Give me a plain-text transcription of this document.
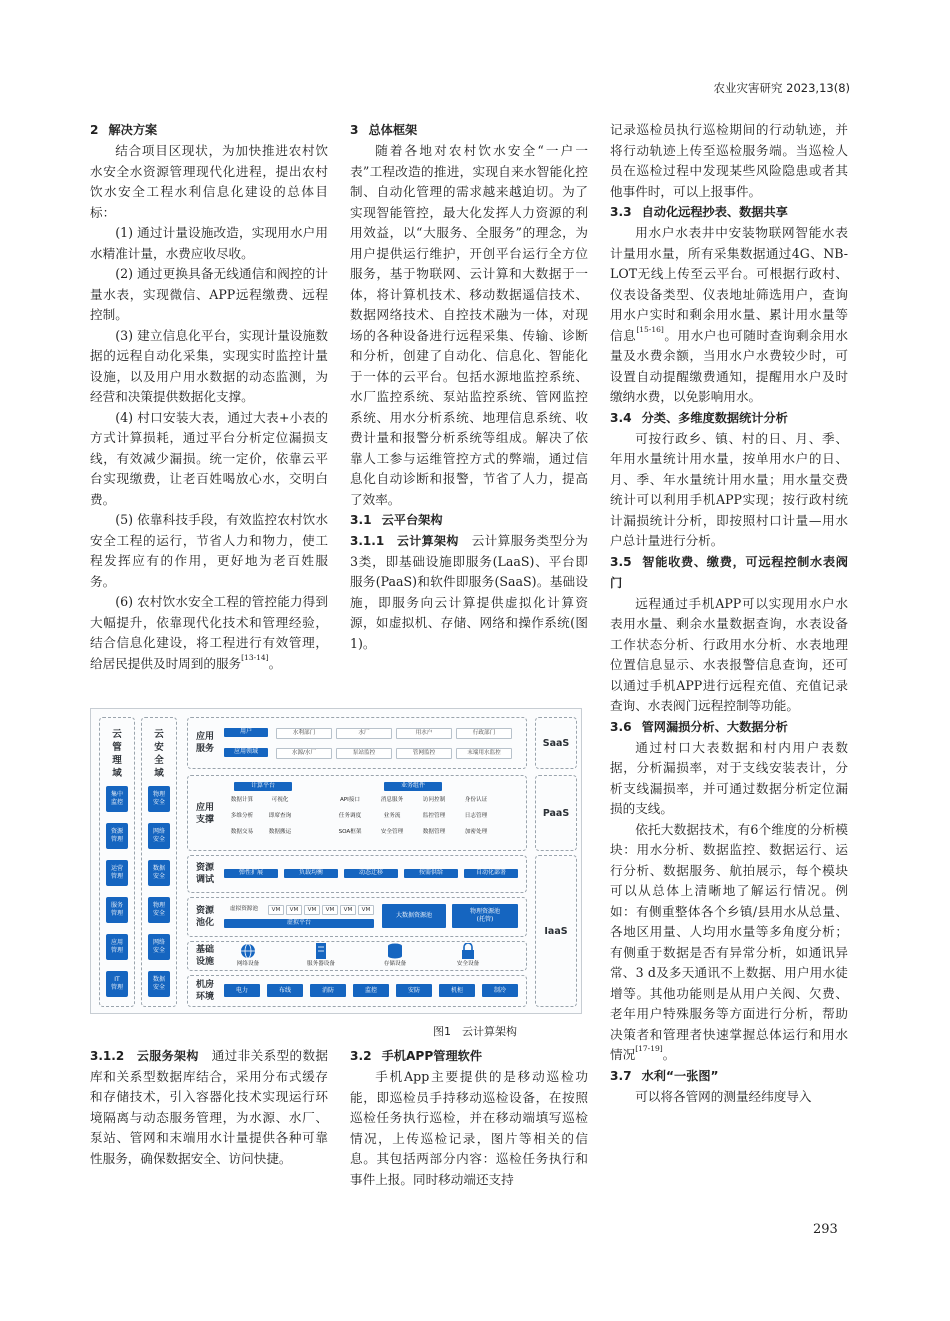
农业灾害研究 2023,13(8)
2 解决方案

结合项目区现状，为加快推进农村饮水安全水资源管理现代化进程，提出农村饮水安全工程水利信息化建设的总体目标：

(1) 通过计量设施改造，实现用水户用水精准计量，水费应收尽收。

(2) 通过更换具备无线通信和阀控的计量水表，实现微信、APP远程缴费、远程控制。

(3) 建立信息化平台，实现计量设施数据的远程自动化采集，实现实时监控计量设施，以及用户用水数据的动态监测，为经营和决策提供数据化支撑。

(4) 村口安装大表，通过大表+小表的方式计算损耗，通过平台分析定位漏损支线，有效减少漏损。统一定价，依靠云平台实现缴费，让老百姓喝放心水，交明白费。

(5) 依靠科技手段，有效监控农村饮水安全工程的运行，节省人力和物力，使工程发挥应有的作用，更好地为老百姓服务。

(6) 农村饮水安全工程的管控能力得到大幅提升，依靠现代化技术和管理经验，结合信息化建设，将工程进行有效管理，给居民提供及时周到的服务[13-14]。

3 总体框架

随着各地对农村饮水安全“一户一表”工程改造的推进，实现自来水智能化控制、自动化管理的需求越来越迫切。为了实现智能管控，最大化发挥人力资源的利用效益，以“大服务、全服务”的理念，为用户提供运行维护，开创平台运行全方位服务，基于物联网、云计算和大数据于一体，将计算机技术、移动数据遥信技术、数据网络技术、自控技术融为一体，对现场的各种设备进行远程采集、传输、诊断和分析，创建了自动化、信息化、智能化于一体的云平台。包括水源地监控系统、水厂监控系统、泵站监控系统、管网监控系统、用水分析系统、地理信息系统、收费计量和报警分析系统等组成。解决了依靠人工参与运维管控方式的弊端，通过信息化自动诊断和报警，节省了人力，提高了效率。

3.1 云平台架构

3.1.1　云计算架构　 云计算服务类型分为3类，即基础设施即服务(LaaS)、平台即服务(PaaS)和软件即服务(SaaS)。基础设施，即服务向云计算提供虚拟化计算资源，如虚拟机、存储、网络和操作系统(图1)。

记录巡检员执行巡检期间的行动轨迹，并将行动轨迹上传至巡检服务端。当巡检人员在巡检过程中发现某些风险隐患或者其他事件时，可以上报事件。

3.3 自动化远程抄表、数据共享

用水户水表井中安装物联网智能水表计量用水量，所有采集数据通过4G、NB-LOT无线上传至云平台。可根据行政村、仪表设备类型、仪表地址筛选用户，查询用水户实时和剩余用水量、累计用水量等信息[15-16]。用水户也可随时查询剩余用水量及水费余额，当用水户水费较少时，可设置自动提醒缴费通知，提醒用水户及时缴纳水费，以免影响用水。

3.4 分类、多维度数据统计分析

可按行政乡、镇、村的日、月、季、年用水量统计用水量，按单用水户的日、月、季、年水量统计用水量；用水量交费统计可以利用手机APP实现；按行政村统计漏损统计分析，即按照村口计量—用水户总计量进行分析。

3.5 智能收费、缴费，可远程控制水表阀门

远程通过手机APP可以实现用水户水表用水量、剩余水量数据查询，水表设备工作状态分析、行政用水分析、水表地理位置信息显示、水表报警信息查询，还可以通过手机APP进行远程充值、充值记录查询、水表阀门远程控制等功能。

3.6 管网漏损分析、大数据分析

通过村口大表数据和村内用户表数据，分析漏损率，对于支线安装表计，分析支线漏损率，并可通过数据分析定位漏损的支线。

依托大数据技术，有6个维度的分析模块：用水分析、数据监控、数据运行、运行分析、数据服务、航拍展示，每个模块可以从总体上清晰地了解运行情况。例如：有侧重整体各个乡镇/县用水从总量、各地区用量、人均用水量等多角度分析；有侧重于数据是否有异常分析，如通讯异常、3 d及多天通讯不上数据、用户用水徒增等。其他功能则是从用户关阀、欠费、老年用户特殊服务等方面进行分析，帮助决策者和管理者快速掌握总体运行和用水情况[17-19]。

3.7 水利“一张图”

可以将各管网的测量经纬度导入

云
管
理
域
集中
监控
资源
管理
运营
管理
服务
管理
应用
管理
IT
管理
云
安
全
域
物理
安全
网络
安全
数据
安全
物理
安全
网络
安全
数据
安全
应用
服务
用户	水利部门	水厂	用水户	行政部门
应用领域	水源/水厂	泵站监控	管网监控	末端用水监控
应用
支撑
计算平台
数据计算	可视化
多维分析	即席查询
数据交易	数据搬运
业务组件
API接口	消息服务	访问控制	身份认证
任务调度	业务流	监控管理	日志管理
SOA框架	安全管理	数据管理	加密处理
资源
调试
弹性扩展	负载均衡	动态迁移	按需供给	自动化部署
资源
池化
虚拟资源池	VM	VM	VM	VM	VM	VM
虚拟平台
大数据资源池
物理资源池
(托管)
基础
设施	网络设备	服务器设备	存储设备	安全设备
机房
环境
电力	布线	消防	监控	安防	机柜	制冷
SaaS
PaaS
IaaS
图1　云计算架构

3.1.2　云服务架构　 通过非关系型的数据库和关系型数据库结合，采用分布式缓存和存储技术，引入容器化技术实现运行环境隔离与动态服务管理，为水源、水厂、泵站、管网和末端用水计量提供各种可靠性服务，确保数据安全、访问快捷。

3.2 手机APP管理软件

手机App主要提供的是移动巡检功能，即巡检员手持移动巡检设备，在按照巡检任务执行巡检，并在移动端填写巡检情况，上传巡检记录，图片等相关的信息。其包括两部分内容：巡检任务执行和事件上报。同时移动端还支持

293
